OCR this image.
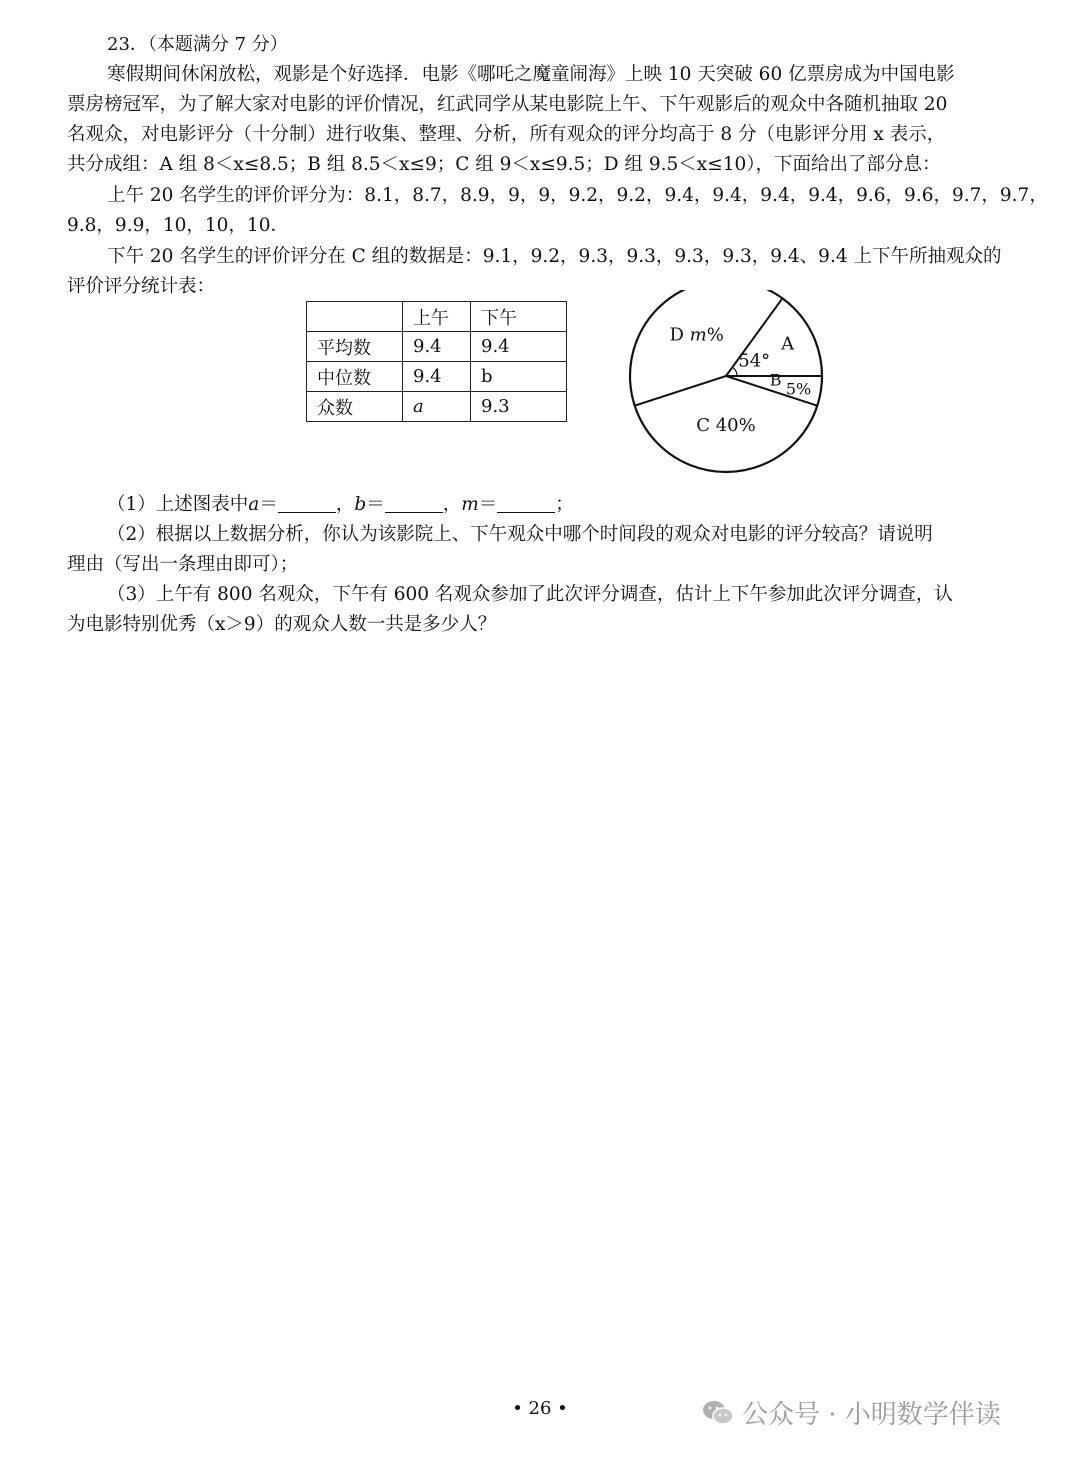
23．（本题满分 7 分）
寒假期间休闲放松，观影是个好选择．电影《哪吒之魔童闹海》上映 10 天突破 60 亿票房成为中国电影
票房榜冠军，为了解大家对电影的评价情况，红武同学从某电影院上午、下午观影后的观众中各随机抽取 20
名观众，对电影评分（十分制）进行收集、整理、分析，所有观众的评分均高于 8 分（电影评分用 x 表示，
共分成组：A 组 8＜x≤8.5；B 组 8.5＜x≤9；C 组 9＜x≤9.5；D 组 9.5＜x≤10），下面给出了部分息：
上午 20 名学生的评价评分为：8.1，8.7，8.9，9，9，9.2，9.2，9.4，9.4，9.4，9.4，9.6，9.6，9.7，9.7，
9.8，9.9，10，10，10．
下午 20 名学生的评价评分在 C 组的数据是：9.1，9.2，9.3，9.3，9.3，9.3，9.4、9.4 上下午所抽观众的
评价评分统计表：
	上午	下午
平均数	9.4	9.4
中位数	9.4	b
众数	a	9.3
A
54°
B 5%
C 40%
D m%
（1）上述图表中a＝	，b＝	，m＝	；
（2）根据以上数据分析，你认为该影院上、下午观众中哪个时间段的观众对电影的评分较高？请说明
理由（写出一条理由即可）；
（3）上午有 800 名观众，下午有 600 名观众参加了此次评分调查，估计上下午参加此次评分调查，认
为电影特别优秀（x＞9）的观众人数一共是多少人？
• 26 •	公众号 · 小明数学伴读
